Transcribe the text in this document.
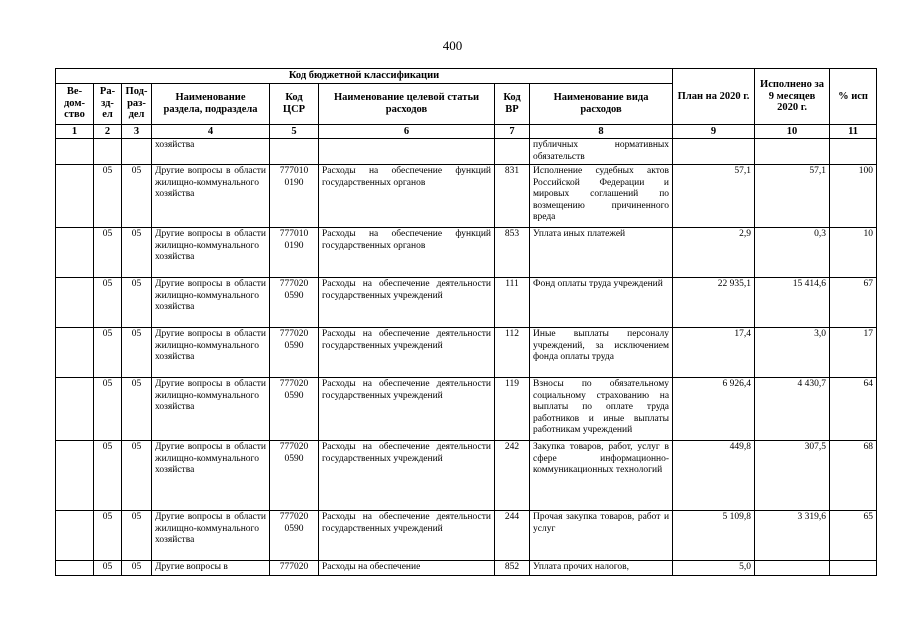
400
Код бюджетной классификации								План на 2020 г.	Исполнено за 9 месяцев 2020 г.	% исп
Ве-
дом-
ство	Ра-
зд-
ел	Под-
раз-
дел	Наименование раздела, подраздела	Код ЦСР	Наименование целевой статьи расходов	Код ВР	Наименование вида расходов			
1	2	3	4	5	6	7	8	9	10	11
			хозяйства				публичных нормативных обязательств			
	05	05	Другие вопросы в области жилищно-коммунального хозяйства	777010 0190	Расходы на обеспечение функций государственных органов	831	Исполнение судебных актов Российской Федерации и мировых соглашений по возмещению причиненного вреда	57,1	57,1	100
	05	05	Другие вопросы в области жилищно-коммунального хозяйства	777010 0190	Расходы на обеспечение функций государственных органов	853	Уплата иных платежей	2,9	0,3	10
	05	05	Другие вопросы в области жилищно-коммунального хозяйства	777020 0590	Расходы на обеспечение деятельности государственных учреждений	111	Фонд оплаты труда учреждений	22 935,1	15 414,6	67
	05	05	Другие вопросы в области жилищно-коммунального хозяйства	777020 0590	Расходы на обеспечение деятельности государственных учреждений	112	Иные выплаты персоналу учреждений, за исключением фонда оплаты труда	17,4	3,0	17
	05	05	Другие вопросы в области жилищно-коммунального хозяйства	777020 0590	Расходы на обеспечение деятельности государственных учреждений	119	Взносы по обязательному социальному страхованию на выплаты по оплате труда работников и иные выплаты работникам учреждений	6 926,4	4 430,7	64
	05	05	Другие вопросы в области жилищно-коммунального хозяйства	777020 0590	Расходы на обеспечение деятельности государственных учреждений	242	Закупка товаров, работ, услуг в сфере информационно-коммуникационных технологий	449,8	307,5	68
	05	05	Другие вопросы в области жилищно-коммунального хозяйства	777020 0590	Расходы на обеспечение деятельности государственных учреждений	244	Прочая закупка товаров, работ и услуг	5 109,8	3 319,6	65
	05	05	Другие вопросы в	777020	Расходы на обеспечение	852	Уплата прочих налогов,	5,0		
